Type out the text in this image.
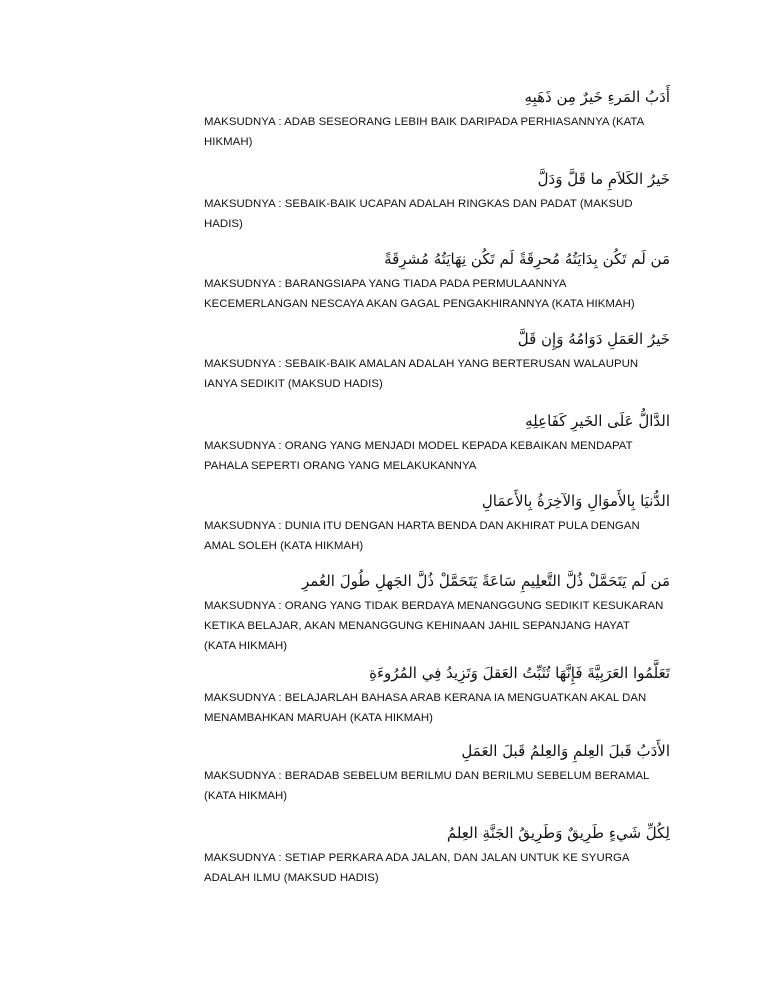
أَدَبُ المَرءِ خَيرٌ مِن ذَهَبِهِ
MAKSUDNYA : ADAB SESEORANG LEBIH BAIK DARIPADA PERHIASANNYA (KATA HIKMAH)
خَيرُ الكَلاَمِ ما قَلَّ وَدَلَّ
MAKSUDNYA : SEBAIK-BAIK UCAPAN ADALAH RINGKAS DAN PADAT (MAKSUD HADIS)
مَن لَم تَكُن بِدَايَتُهُ مُحرِقَةً لَم تَكُن نِهَايَتُهُ مُشرِقَةً
MAKSUDNYA : BARANGSIAPA YANG TIADA PADA PERMULAANNYA KECEMERLANGAN NESCAYA AKAN GAGAL PENGAKHIRANNYA (KATA HIKMAH)
خَيرُ العَمَلِ دَوَامُهُ وَإِن قَلَّ
MAKSUDNYA : SEBAIK-BAIK AMALAN ADALAH YANG BERTERUSAN WALAUPUN IANYA SEDIKIT (MAKSUD HADIS)
الدَّالُّ عَلَى الخَيرِ كَفَاعِلِهِ
MAKSUDNYA : ORANG YANG MENJADI MODEL KEPADA KEBAIKAN MENDAPAT PAHALA SEPERTI ORANG YANG MELAKUKANNYA
الدُّنيَا بِالأَموَالِ وَالآخِرَةُ بِالأَعمَالِ
MAKSUDNYA : DUNIA ITU DENGAN HARTA BENDA DAN AKHIRAT PULA DENGAN AMAL SOLEH (KATA HIKMAH)
مَن لَم يَتَحَمَّلْ ذُلَّ التَّعلِيمِ سَاعَةً يَتَحَمَّلْ ذُلَّ الجَهلِ طُولَ العُمرِ
MAKSUDNYA : ORANG YANG TIDAK BERDAYA MENANGGUNG SEDIKIT KESUKARAN KETIKA BELAJAR, AKAN MENANGGUNG KEHINAAN JAHIL SEPANJANG HAYAT (KATA HIKMAH)
تَعَلَّمُوا العَرَبِيَّةَ فَإِنَّهَا تُثَبِّتُ العَقلَ وَتَزِيدُ فِي المُرُوءَةِ
MAKSUDNYA : BELAJARLAH BAHASA ARAB KERANA IA MENGUATKAN AKAL DAN MENAMBAHKAN MARUAH (KATA HIKMAH)
الأَدَبُ قَبلَ العِلمِ وَالعِلمُ قَبلَ العَمَلِ
MAKSUDNYA : BERADAB SEBELUM BERILMU DAN BERILMU SEBELUM BERAMAL (KATA HIKMAH)
لِكُلِّ شَيءٍ طَرِيقٌ وَطَرِيقُ الجَنَّةِ العِلمُ
MAKSUDNYA : SETIAP PERKARA ADA JALAN, DAN JALAN UNTUK KE SYURGA ADALAH ILMU (MAKSUD HADIS)
